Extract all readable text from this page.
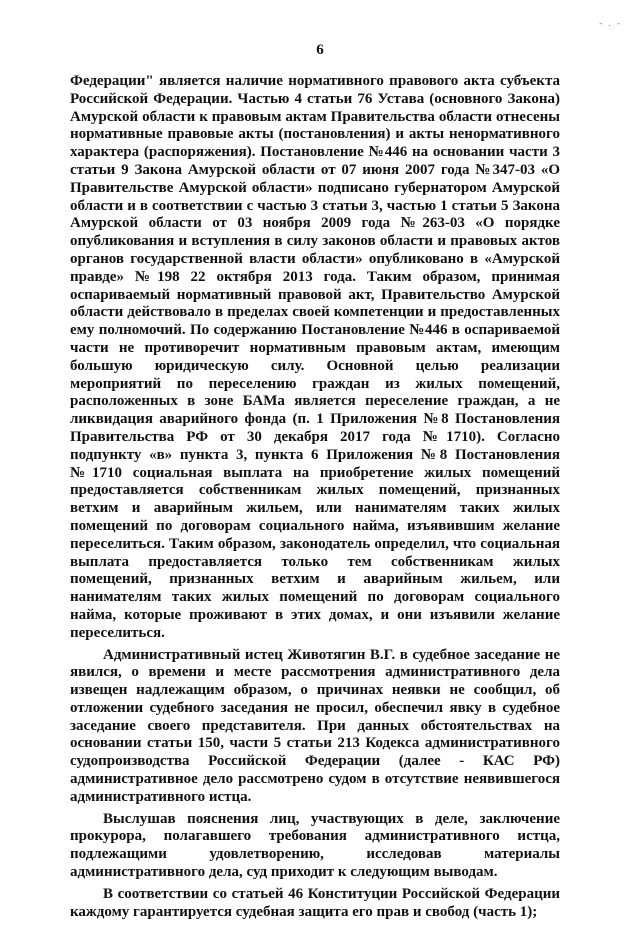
‑ . ‑
6

Федерации" является наличие нормативного правового акта субъекта Российской Федерации. Частью 4 статьи 76 Устава (основного Закона) Амурской области к правовым актам Правительства области отнесены нормативные правовые акты (постановления) и акты ненормативного характера (распоряжения). Постановление №446 на основании части 3 статьи 9 Закона Амурской области от 07 июня 2007 года №347-03 «О Правительстве Амурской области» подписано губернатором Амурской области и в соответствии с частью 3 статьи 3, частью 1 статьи 5 Закона Амурской области от 03 ноября 2009 года №263-03 «О порядке опубликования и вступления в силу законов области и правовых актов органов государственной власти области» опубликовано в «Амурской правде» №198 22 октября 2013 года. Таким образом, принимая оспариваемый нормативный правовой акт, Правительство Амурской области действовало в пределах своей компетенции и предоставленных ему полномочий. По содержанию Постановление №446 в оспариваемой части не противоречит нормативным правовым актам, имеющим большую юридическую силу. Основной целью реализации мероприятий по переселению граждан из жилых помещений, расположенных в зоне БАМа является переселение граждан, а не ликвидация аварийного фонда (п. 1 Приложения №8 Постановления Правительства РФ от 30 декабря 2017 года №1710). Согласно подпункту «в» пункта 3, пункта 6 Приложения №8 Постановления №1710 социальная выплата на приобретение жилых помещений предоставляется собственникам жилых помещений, признанных ветхим и аварийным жильем, или нанимателям таких жилых помещений по договорам социального найма, изъявившим желание переселиться. Таким образом, законодатель определил, что социальная выплата предоставляется только тем собственникам жилых помещений, признанных ветхим и аварийным жильем, или нанимателям таких жилых помещений по договорам социального найма, которые проживают в этих домах, и они изъявили желание переселиться.

Административный истец Животягин В.Г. в судебное заседание не явился, о времени и месте рассмотрения административного дела извещен надлежащим образом, о причинах неявки не сообщил, об отложении судебного заседания не просил, обеспечил явку в судебное заседание своего представителя. При данных обстоятельствах на основании статьи 150, части 5 статьи 213 Кодекса административного судопроизводства Российской Федерации (далее - КАС РФ) административное дело рассмотрено судом в отсутствие неявившегося административного истца.

Выслушав пояснения лиц, участвующих в деле, заключение прокурора, полагавшего требования административного истца, подлежащими удовлетворению, исследовав материалы административного дела, суд приходит к следующим выводам.

В соответствии со статьей 46 Конституции Российской Федерации каждому гарантируется судебная защита его прав и свобод (часть 1);
